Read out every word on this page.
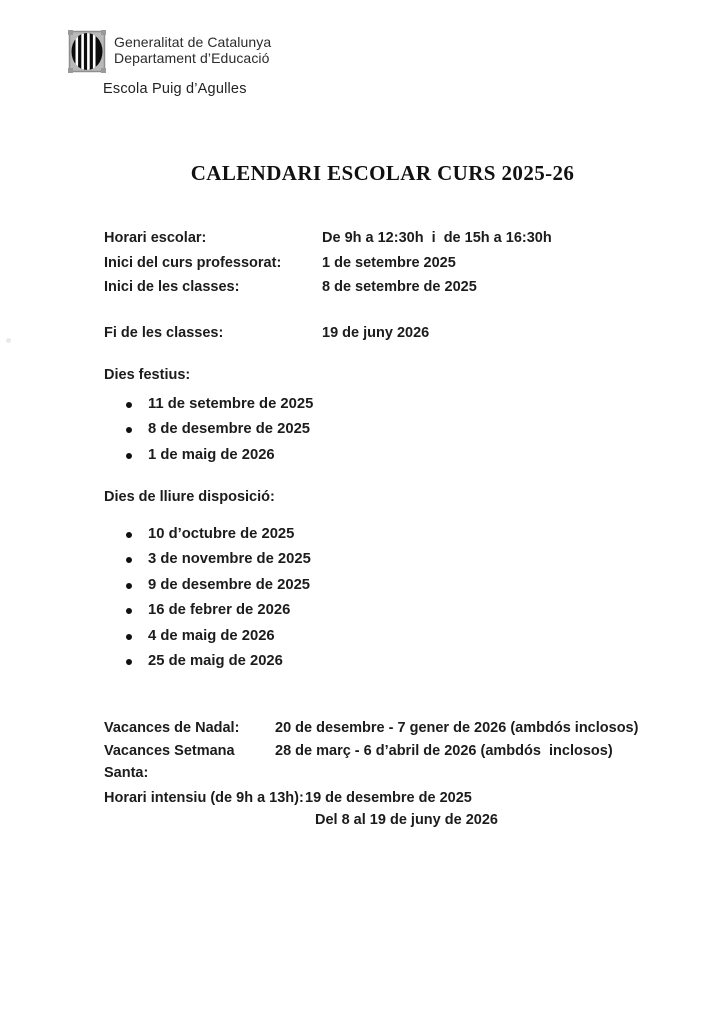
Generalitat de Catalunya
Departament d’Educació
Escola Puig d’Agulles
CALENDARI ESCOLAR CURS 2025-26
Horari escolar:	De 9h a 12:30h  i  de 15h a 16:30h
Inici del curs professorat:	1 de setembre 2025
Inici de les classes:	8 de setembre de 2025
Fi de les classes:	19 de juny 2026
Dies festius:
11 de setembre de 2025
8 de desembre de 2025
1 de maig de 2026
Dies de lliure disposició:
10 d’octubre de 2025
3 de novembre de 2025
9 de desembre de 2025
16 de febrer de 2026
4 de maig de 2026
25 de maig de 2026
Vacances de Nadal:	20 de desembre - 7 gener de 2026 (ambdós inclosos)
Vacances Setmana Santa:
28 de març - 6 d’abril de 2026 (ambdós  inclosos)
Horari intensiu (de 9h a 13h): 19 de desembre de 2025
Del 8 al 19 de juny de 2026
